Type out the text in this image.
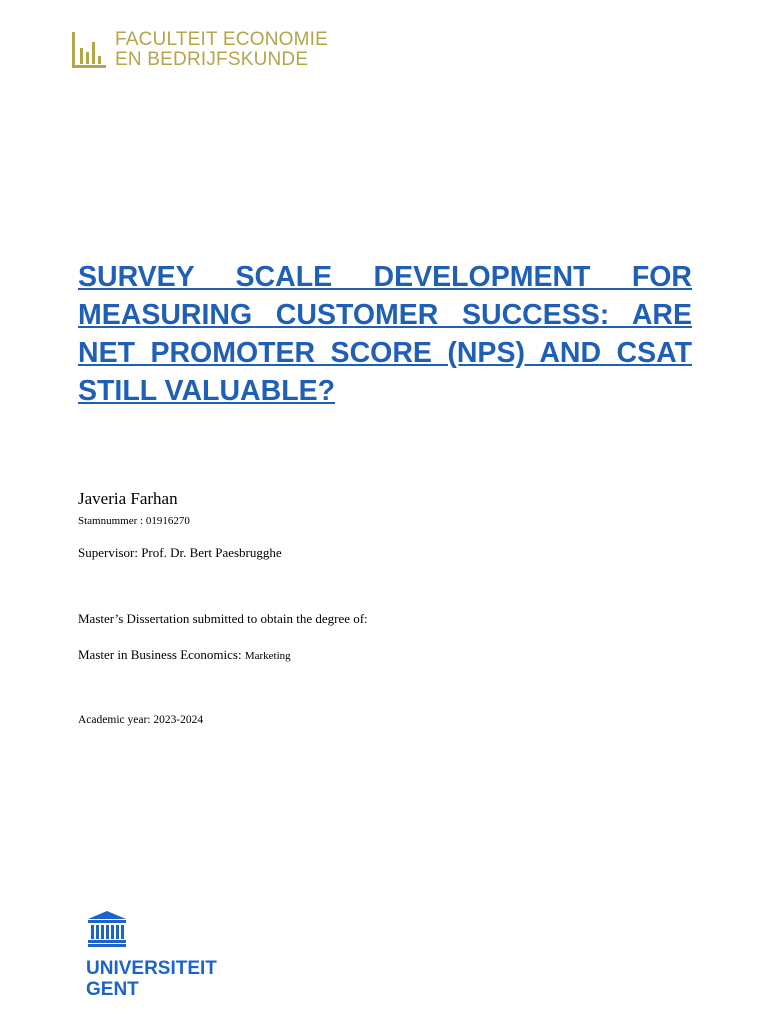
FACULTEIT ECONOMIE
EN BEDRIJFSKUNDE
SURVEY SCALE DEVELOPMENT FOR MEASURING CUSTOMER SUCCESS: ARE NET PROMOTER SCORE (NPS) AND CSAT STILL VALUABLE?
Javeria Farhan
Stamnummer : 01916270
Supervisor: Prof. Dr. Bert Paesbrugghe
Master’s Dissertation submitted to obtain the degree of:
Master in Business Economics: Marketing
Academic year: 2023-2024
UNIVERSITEIT
GENT
